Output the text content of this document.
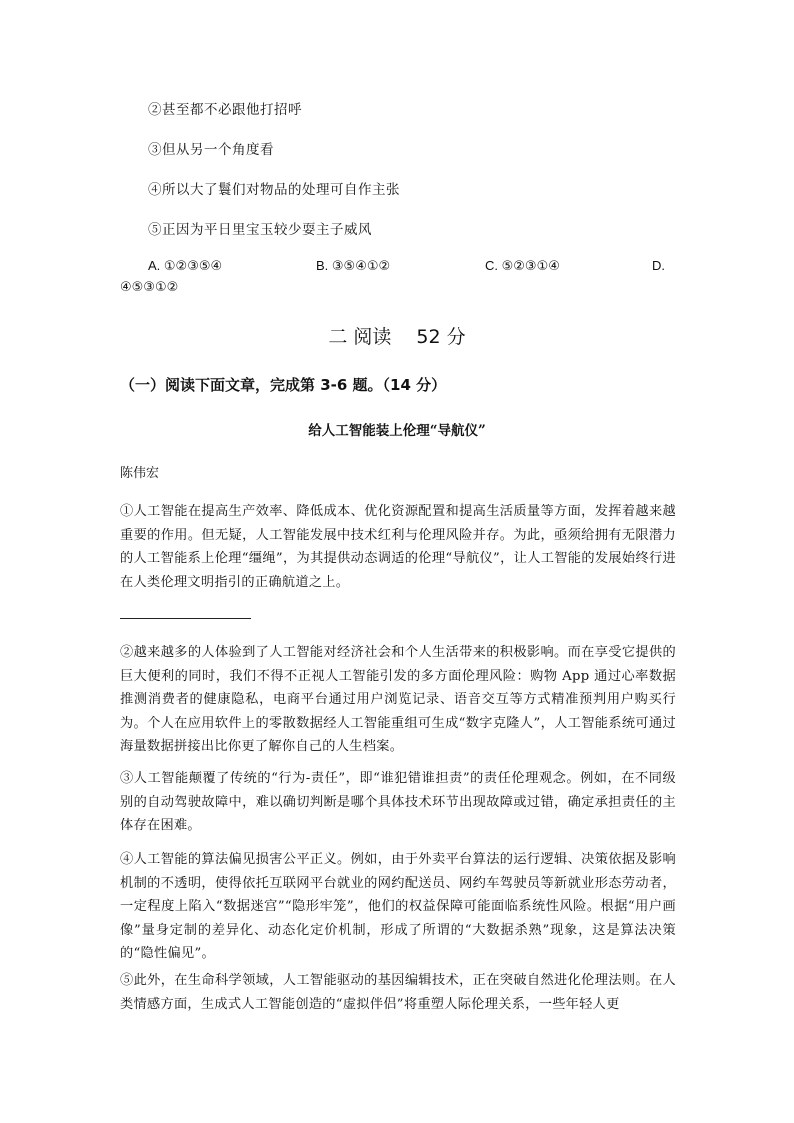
②甚至都不必跟他打招呼
③但从另一个角度看
④所以大了鬟们对物品的处理可自作主张
⑤正因为平日里宝玉较少耍主子威风
A. ①②③⑤④	B. ③⑤④①②	C. ⑤②③①④	D.
④⑤③①②
二 阅读　 52 分
（一）阅读下面文章，完成第 3-6 题。（14 分）
给人工智能装上伦理“导航仪”
陈伟宏
①人工智能在提高生产效率、降低成本、优化资源配置和提高生活质量等方面，发挥着越来越重要的作用。但无疑，人工智能发展中技术红利与伦理风险并存。为此，亟须给拥有无限潜力的人工智能系上伦理“缰绳”，为其提供动态调适的伦理“导航仪”，让人工智能的发展始终行进在人类伦理文明指引的正确航道之上。
②越来越多的人体验到了人工智能对经济社会和个人生活带来的积极影响。而在享受它提供的巨大便利的同时，我们不得不正视人工智能引发的多方面伦理风险：购物 App 通过心率数据推测消费者的健康隐私，电商平台通过用户浏览记录、语音交互等方式精准预判用户购买行为。个人在应用软件上的零散数据经人工智能重组可生成“数字克隆人”，人工智能系统可通过海量数据拼接出比你更了解你自己的人生档案。
③人工智能颠覆了传统的“行为-责任”，即“谁犯错谁担责”的责任伦理观念。例如，在不同级别的自动驾驶故障中，难以确切判断是哪个具体技术环节出现故障或过错，确定承担责任的主体存在困难。
④人工智能的算法偏见损害公平正义。例如，由于外卖平台算法的运行逻辑、决策依据及影响机制的不透明，使得依托互联网平台就业的网约配送员、网约车驾驶员等新就业形态劳动者，一定程度上陷入“数据迷宫”“隐形牢笼”，他们的权益保障可能面临系统性风险。根据“用户画像”量身定制的差异化、动态化定价机制，形成了所谓的“大数据杀熟”现象，这是算法决策的“隐性偏见”。
⑤此外，在生命科学领域，人工智能驱动的基因编辑技术，正在突破自然进化伦理法则。在人类情感方面，生成式人工智能创造的“虚拟伴侣”将重塑人际伦理关系，一些年轻人更
